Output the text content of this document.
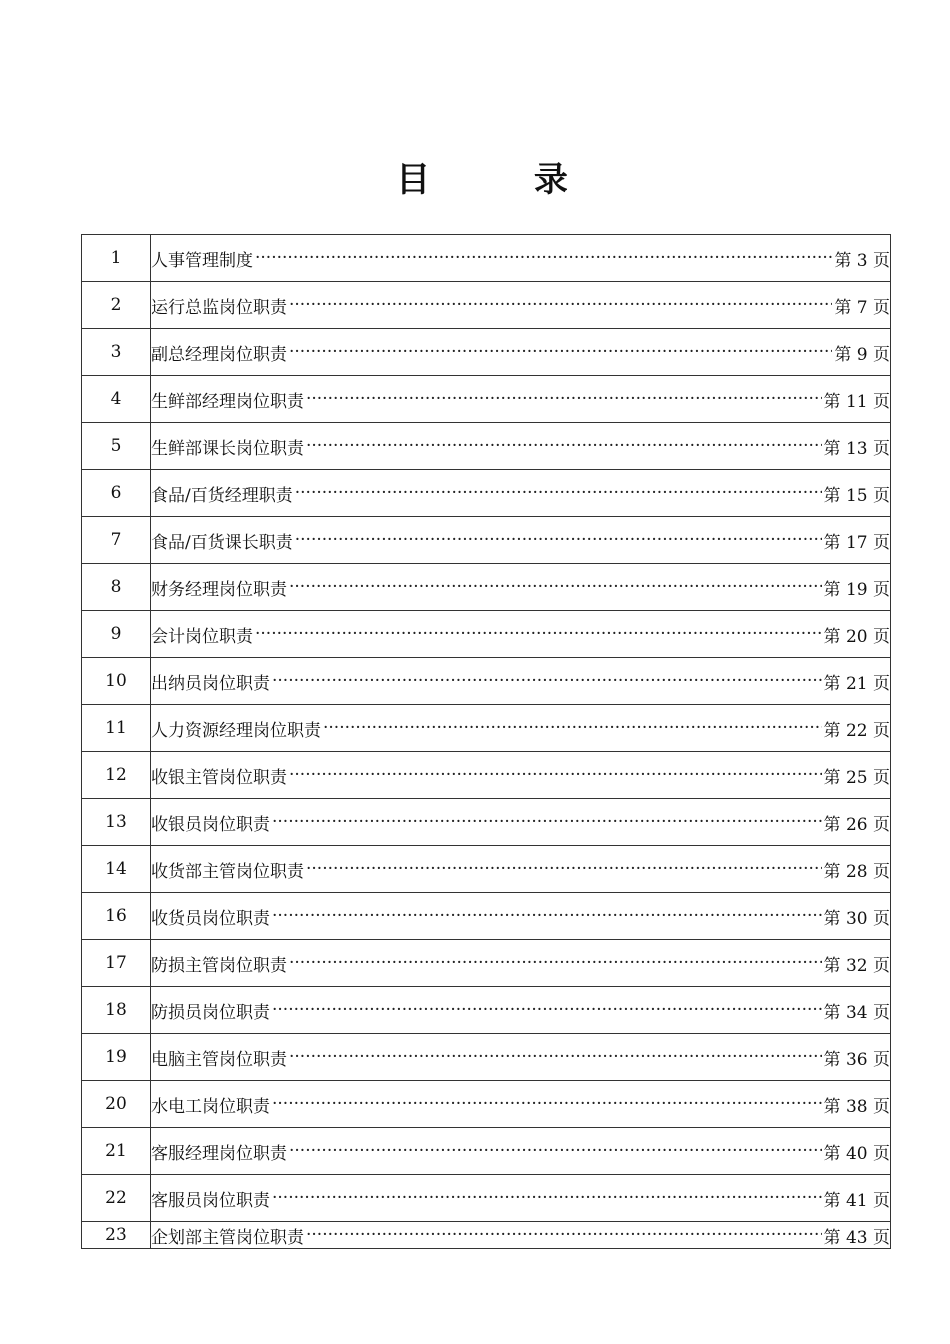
目 录
1	人事管理制度 ····· 第 3 页

2	运行总监岗位职责 ····· 第 7 页

3	副总经理岗位职责 ····· 第 9 页

4	生鲜部经理岗位职责 ····· 第 11 页

5	生鲜部课长岗位职责 ····· 第 13 页

6	食品/百货经理职责 ····· 第 15 页

7	食品/百货课长职责 ····· 第 17 页

8	财务经理岗位职责 ····· 第 19 页

9	会计岗位职责 ····· 第 20 页

10	出纳员岗位职责 ····· 第 21 页

11	人力资源经理岗位职责 ····· 第 22 页

12	收银主管岗位职责 ····· 第 25 页

13	收银员岗位职责 ····· 第 26 页

14	收货部主管岗位职责 ····· 第 28 页

16	收货员岗位职责 ····· 第 30 页

17	防损主管岗位职责 ····· 第 32 页

18	防损员岗位职责 ····· 第 34 页

19	电脑主管岗位职责 ····· 第 36 页

20	水电工岗位职责 ····· 第 38 页

21	客服经理岗位职责 ····· 第 40 页

22	客服员岗位职责 ····· 第 41 页

23	企划部主管岗位职责 ····· 第 43 页
